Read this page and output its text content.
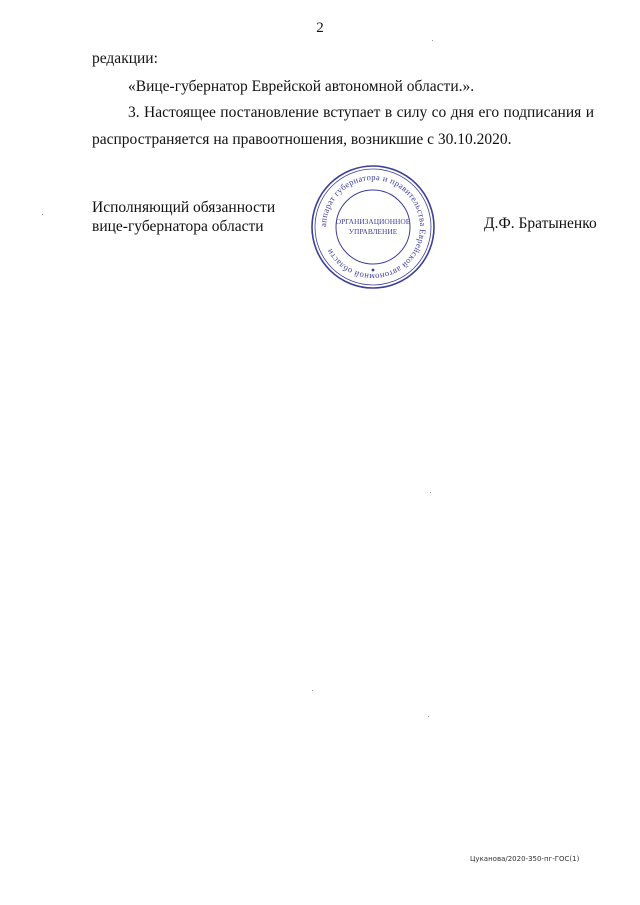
2
редакции:
«Вице-губернатор Еврейской автономной области.».
3. Настоящее постановление вступает в силу со дня его подписания и
распространяется на правоотношения, возникшие с 30.10.2020.
Исполняющий обязанности
вице-губернатора области	аппарат губернатора и правительства Еврейской автономной области
ОРГАНИЗАЦИОННОЕ
УПРАВЛЕНИЕ	Д.Ф. Братыненко
Цуканова/2020-350-пг-ГОС(1)
